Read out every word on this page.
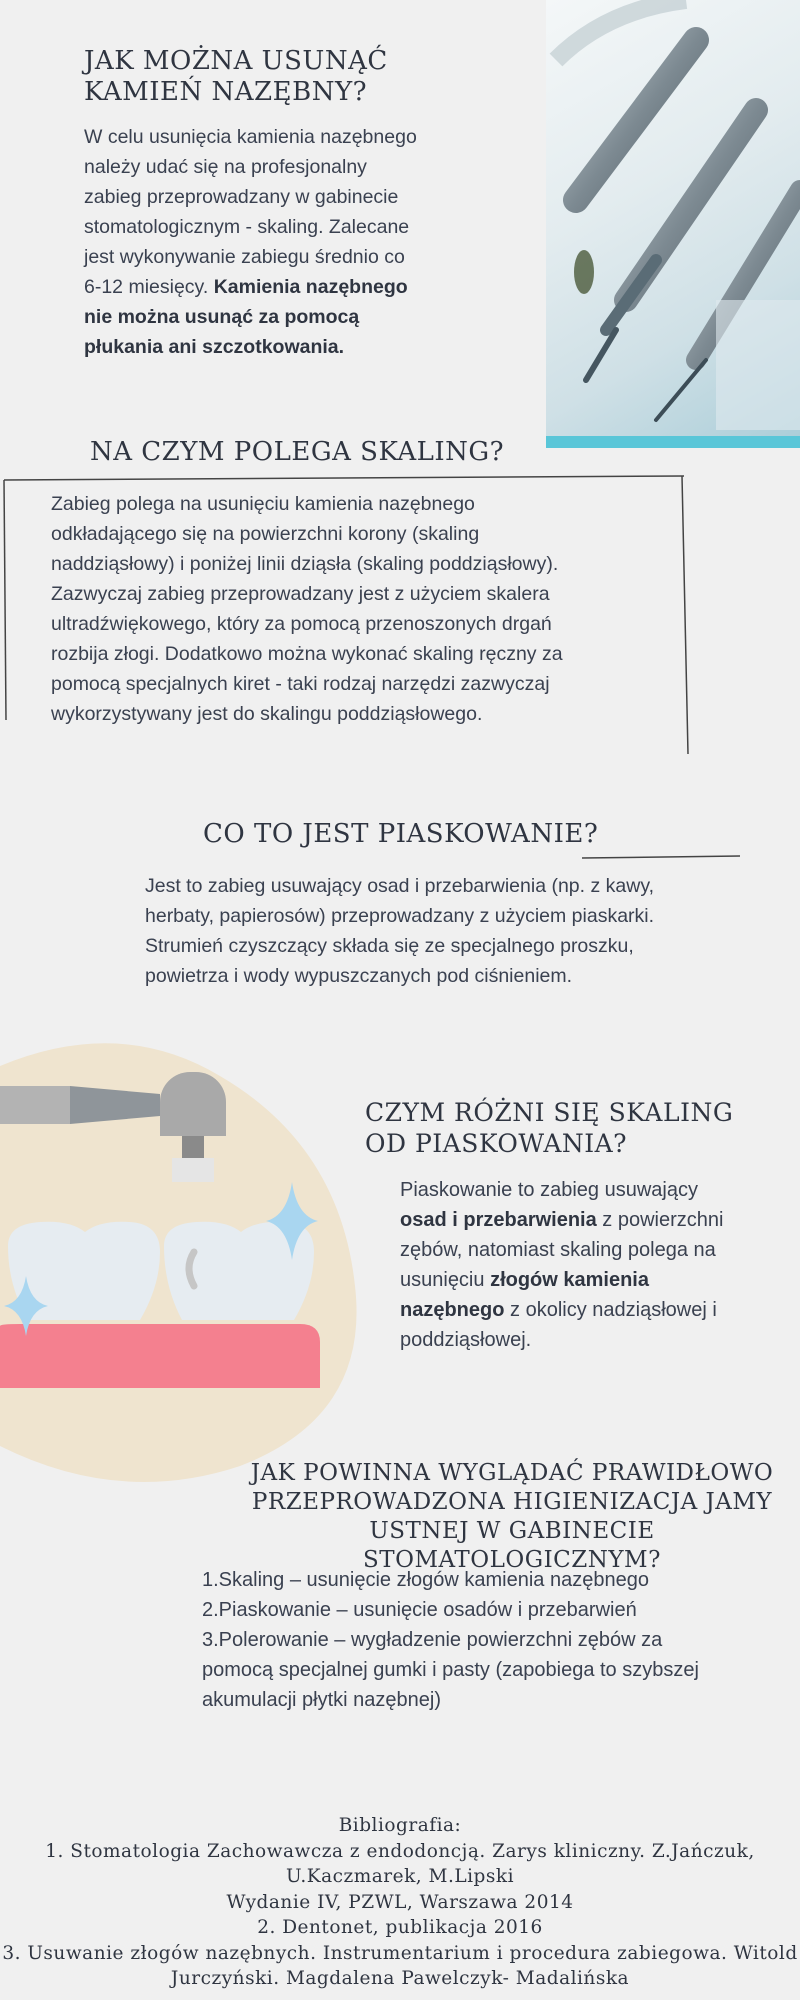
JAK MOŻNA USUNĄĆ
KAMIEŃ NAZĘBNY?
W celu usunięcia kamienia nazębnego
należy udać się na profesjonalny
zabieg przeprowadzany w gabinecie
stomatologicznym - skaling. Zalecane
jest wykonywanie zabiegu średnio co
6-12 miesięcy. Kamienia nazębnego
nie można usunąć za pomocą
płukania ani szczotkowania.
NA CZYM POLEGA SKALING?
Zabieg polega na usunięciu kamienia nazębnego
odkładającego się na powierzchni korony (skaling
naddziąsłowy) i poniżej linii dziąsła (skaling poddziąsłowy).
Zazwyczaj zabieg przeprowadzany jest z użyciem skalera
ultradźwiękowego, który za pomocą przenoszonych drgań
rozbija złogi. Dodatkowo można wykonać skaling ręczny za
pomocą specjalnych kiret - taki rodzaj narzędzi zazwyczaj
wykorzystywany jest do skalingu poddziąsłowego.
CO TO JEST PIASKOWANIE?
Jest to zabieg usuwający osad i przebarwienia (np. z kawy,
herbaty, papierosów) przeprowadzany z użyciem piaskarki.
Strumień czyszczący składa się ze specjalnego proszku,
powietrza i wody wypuszczanych pod ciśnieniem.
CZYM RÓŻNI SIĘ SKALING
OD PIASKOWANIA?
Piaskowanie to zabieg usuwający
osad i przebarwienia z powierzchni
zębów, natomiast skaling polega na
usunięciu złogów kamienia
nazębnego z okolicy nadziąsłowej i
poddziąsłowej.
JAK POWINNA WYGLĄDAĆ PRAWIDŁOWO
PRZEPROWADZONA HIGIENIZACJA JAMY
USTNEJ W GABINECIE STOMATOLOGICZNYM?
1.Skaling – usunięcie złogów kamienia nazębnego
2.Piaskowanie – usunięcie osadów i przebarwień
3.Polerowanie – wygładzenie powierzchni zębów za
pomocą specjalnej gumki i pasty (zapobiega to szybszej
akumulacji płytki nazębnej)
Bibliografia:
1. Stomatologia Zachowawcza z endodoncją. Zarys kliniczny. Z.Jańczuk,
U.Kaczmarek, M.Lipski
Wydanie IV, PZWL, Warszawa 2014
2. Dentonet, publikacja 2016
3. Usuwanie złogów nazębnych. Instrumentarium i procedura zabiegowa. Witold
Jurczyński. Magdalena Pawelczyk- Madalińska
